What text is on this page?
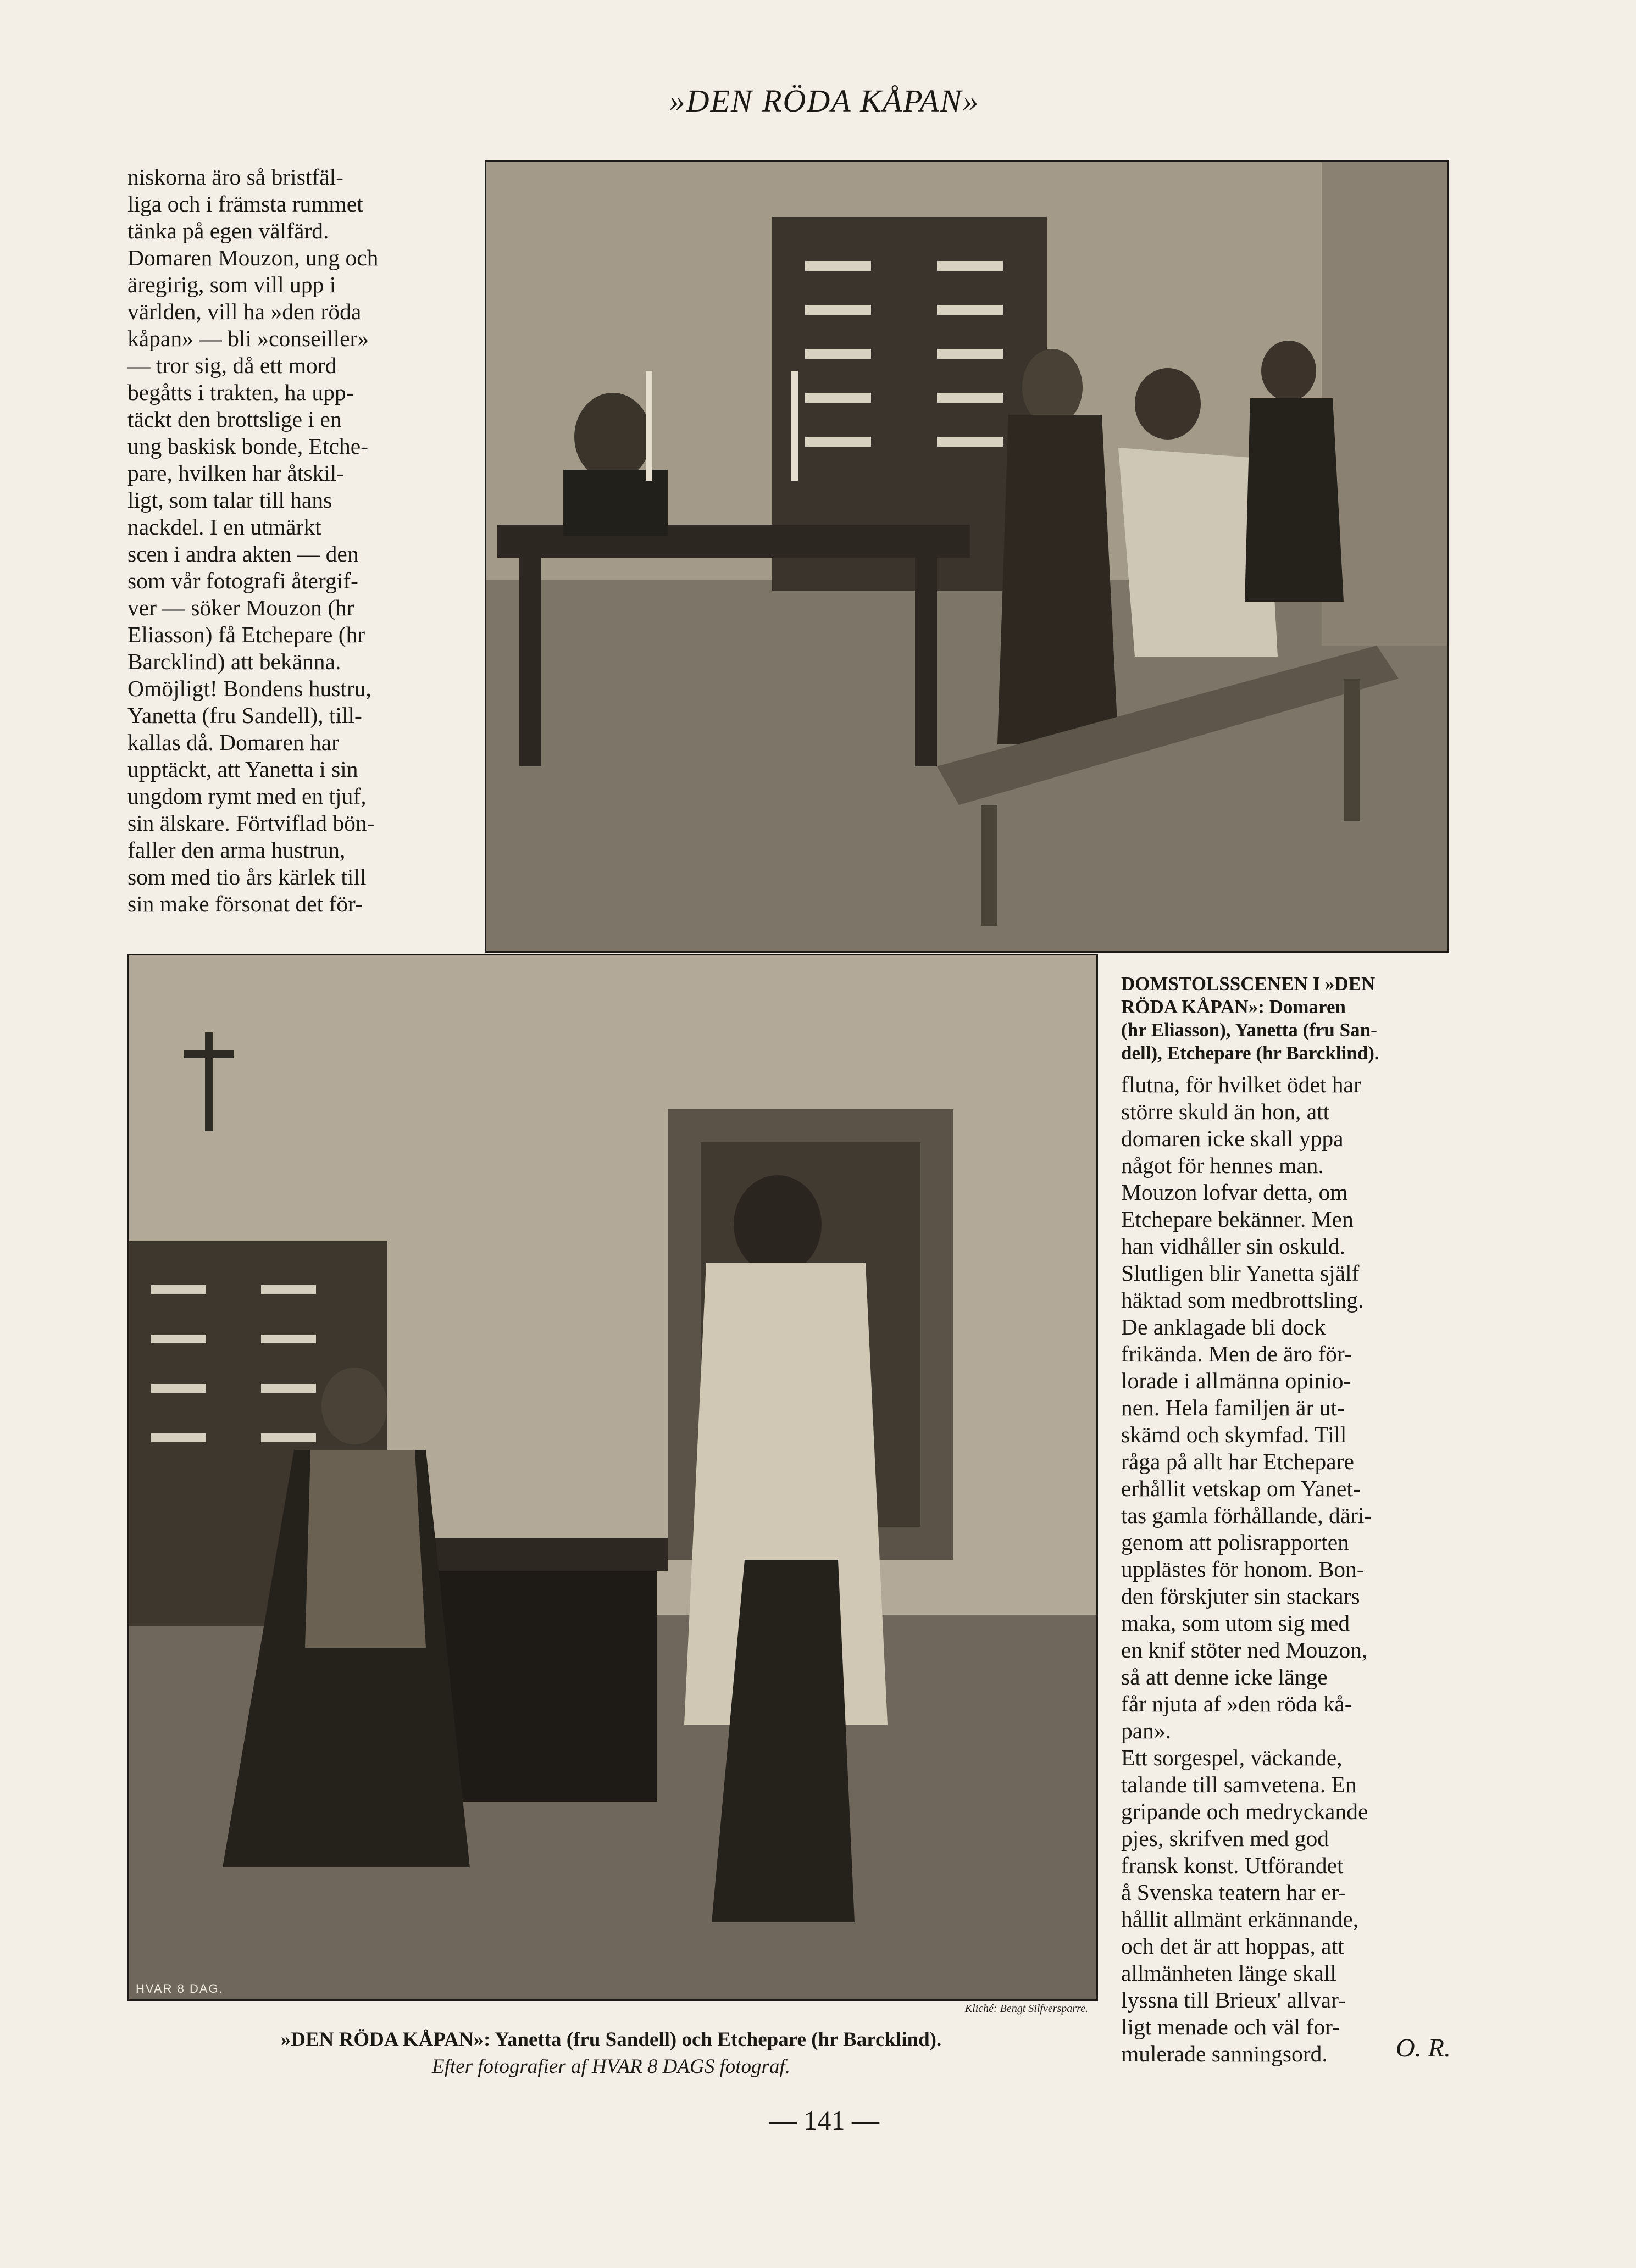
»DEN RÖDA KÅPAN»
niskorna äro så bristfäl-
liga och i främsta rummet
tänka på egen välfärd.
Domaren Mouzon, ung och
äregirig, som vill upp i
världen, vill ha »den röda
kåpan» — bli »conseiller»
— tror sig, då ett mord
begåtts i trakten, ha upp-
täckt den brottslige i en
ung baskisk bonde, Etche-
pare, hvilken har åtskil-
ligt, som talar till hans
nackdel. I en utmärkt
scen i andra akten — den
som vår fotografi återgif-
ver — söker Mouzon (hr
Eliasson) få Etchepare (hr
Barcklind) att bekänna.
Omöjligt! Bondens hustru,
Yanetta (fru Sandell), till-
kallas då. Domaren har
upptäckt, att Yanetta i sin
ungdom rymt med en tjuf,
sin älskare. Förtviflad bön-
faller den arma hustrun,
som med tio års kärlek till
sin make försonat det för-
DOMSTOLSSCENEN I »DEN
RÖDA KÅPAN»: Domaren
(hr Eliasson), Yanetta (fru San-
dell), Etchepare (hr Barcklind).
flutna, för hvilket ödet har
större skuld än hon, att
domaren icke skall yppa
något för hennes man.
Mouzon lofvar detta, om
Etchepare bekänner. Men
han vidhåller sin oskuld.
Slutligen blir Yanetta själf
häktad som medbrottsling.
De anklagade bli dock
frikända. Men de äro för-
lorade i allmänna opinio-
nen. Hela familjen är ut-
skämd och skymfad. Till
råga på allt har Etchepare
erhållit vetskap om Yanet-
tas gamla förhållande, däri-
genom att polisrapporten
upplästes för honom. Bon-
den förskjuter sin stackars
maka, som utom sig med
en knif stöter ned Mouzon,
så att denne icke länge
får njuta af »den röda kå-
pan».
Ett sorgespel, väckande,
talande till samvetena. En
gripande och medryckande
pjes, skrifven med god
fransk konst. Utförandet
å Svenska teatern har er-
hållit allmänt erkännande,
och det är att hoppas, att
allmänheten länge skall
lyssna till Brieux' allvar-
ligt menade och väl for-
mulerade sanningsord.
HVAR 8 DAG.
Kliché: Bengt Silfversparre.
»DEN RÖDA KÅPAN»: Yanetta (fru Sandell) och Etchepare (hr Barcklind).
Efter fotografier af HVAR 8 DAGS fotograf.
O. R.
— 141 —
